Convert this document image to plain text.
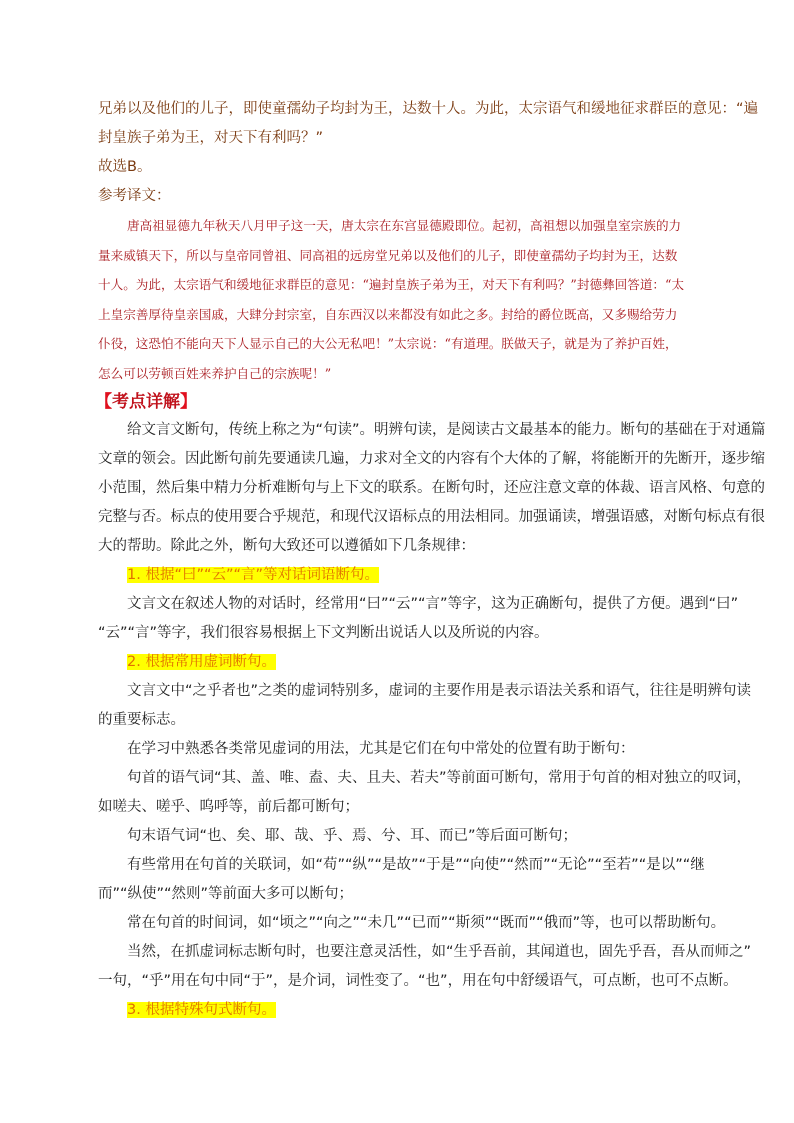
兄弟以及他们的儿子，即使童孺幼子均封为王，达数十人。为此，太宗语气和缓地征求群臣的意见：“遍

封皇族子弟为王，对天下有利吗？”

故选B。

参考译文：

唐高祖显德九年秋天八月甲子这一天，唐太宗在东宫显德殿即位。起初，高祖想以加强皇室宗族的力

量来威镇天下，所以与皇帝同曾祖、同高祖的远房堂兄弟以及他们的儿子，即使童孺幼子均封为王，达数

十人。为此，太宗语气和缓地征求群臣的意见：“遍封皇族子弟为王，对天下有利吗？”封德彝回答道：“太

上皇宗善厚待皇亲国戚，大肆分封宗室，自东西汉以来都没有如此之多。封给的爵位既高，又多赐给劳力

仆役，这恐怕不能向天下人显示自己的大公无私吧！”太宗说：“有道理。朕做天子，就是为了养护百姓，

怎么可以劳顿百姓来养护自己的宗族呢！”

【考点详解】

给文言文断句，传统上称之为“句读”。明辨句读，是阅读古文最基本的能力。断句的基础在于对通篇

文章的领会。因此断句前先要通读几遍，力求对全文的内容有个大体的了解，将能断开的先断开，逐步缩

小范围，然后集中精力分析难断句与上下文的联系。在断句时，还应注意文章的体裁、语言风格、句意的

完整与否。标点的使用要合乎规范，和现代汉语标点的用法相同。加强诵读，增强语感，对断句标点有很

大的帮助。除此之外，断句大致还可以遵循如下几条规律：

1. 根据“曰”“云”“言”等对话词语断句。

文言文在叙述人物的对话时，经常用“曰”“云”“言”等字，这为正确断句，提供了方便。遇到“曰”

“云”“言”等字，我们很容易根据上下文判断出说话人以及所说的内容。

2. 根据常用虚词断句。

文言文中“之乎者也”之类的虚词特别多，虚词的主要作用是表示语法关系和语气，往往是明辨句读

的重要标志。

在学习中熟悉各类常见虚词的用法，尤其是它们在句中常处的位置有助于断句：

句首的语气词“其、盖、唯、盍、夫、且夫、若夫”等前面可断句，常用于句首的相对独立的叹词，

如嗟夫、嗟乎、呜呼等，前后都可断句；

句末语气词“也、矣、耶、哉、乎、焉、兮、耳、而已”等后面可断句；

有些常用在句首的关联词，如“苟”“纵”“是故”“于是”“向使”“然而”“无论”“至若”“是以”“继

而”“纵使”“然则”等前面大多可以断句；

常在句首的时间词，如“顷之”“向之”“未几”“已而”“斯须”“既而”“俄而”等，也可以帮助断句。

当然，在抓虚词标志断句时，也要注意灵活性，如“生乎吾前，其闻道也，固先乎吾，吾从而师之”

一句，“乎”用在句中同“于”，是介词，词性变了。“也”，用在句中舒缓语气，可点断，也可不点断。

3. 根据特殊句式断句。
